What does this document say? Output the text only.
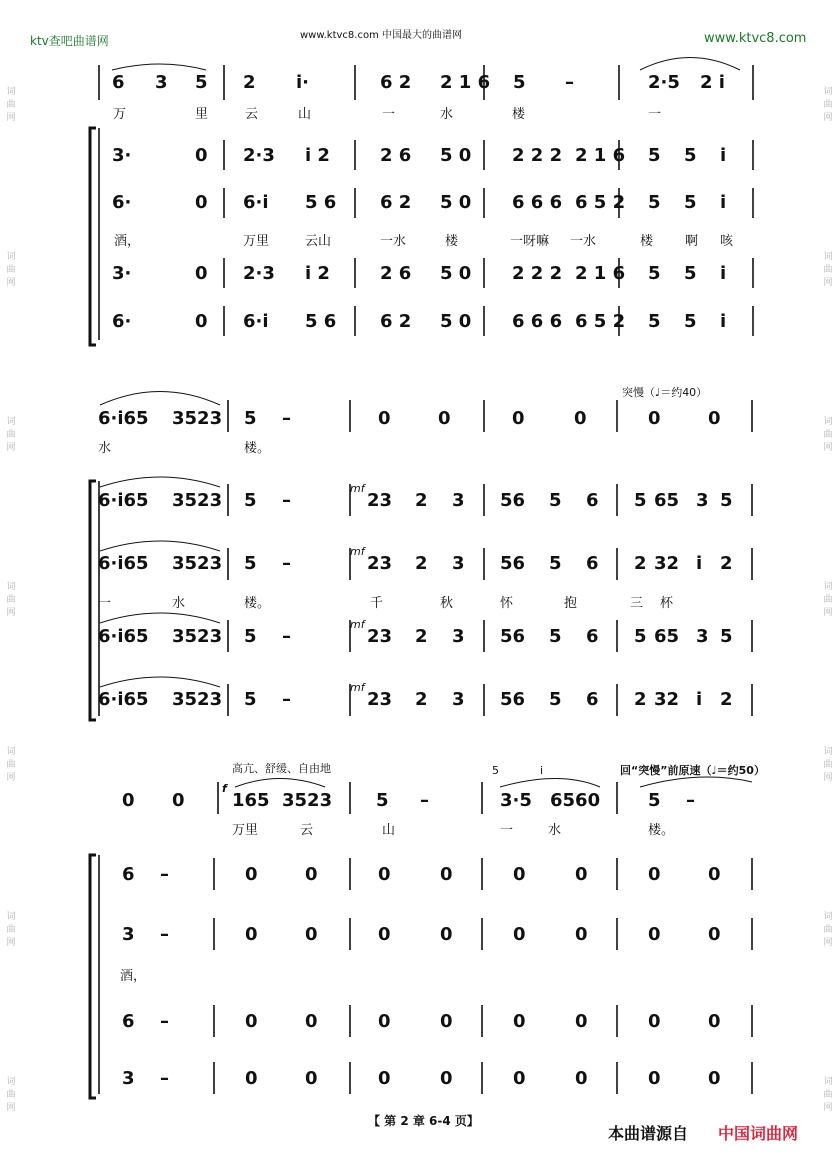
ktv查吧曲谱网	www.ktvc8.com 中国最大的曲谱网	www.ktvc8.com

词
曲
网

词
曲
网

词
曲
网

词
曲
网

词
曲
网

词
曲
网

词
曲
网

词
曲
网

词
曲
网

词
曲
网

词
曲
网

词
曲
网

词
曲
网

词
曲
网

6 3 5 2 i·	6 2 2 1 6 5 –	2·5 2 i
万	里	云	山	一	水	楼	一
3·	0 2·3 i 2	2 6 5 0 2 2 2 2 1 6 5 5 i
6·	0 6·i 5 6 6 2 5 0 6 6 6 6 5 2 5 5 i
酒，	万里	云山	一水	楼	一呀嘛 一水	楼 啊 咳
3·	0 2·3 i 2	2 6 5 0 2 2 2 2 1 6 5 5 i
6·	0 6·i 5 6 6 2 5 0 6 6 6 6 5 2 5 5 i
突慢（♩＝约40）
6·i65 3523 5 –	0	0	0	0	0	0
水	楼。
6·i65 3523 5 –
mf
23 2 3 56 5 6 5 65 3 5
6·i65 3523 5 –
mf
23 2 3 56 5 6 2 32 i 2
一	水	楼。	千	秋	怀	抱	三 杯
6·i65 3523 5 –
mf
23 2 3 56 5 6 5 65 3 5
6·i65 3523 5 –
mf
23 2 3 56 5 6 2 32 i 2
高亢、舒缓、自由地	回“突慢”前原速（♩＝约50）
0 0
f
165 3523 5 –
5
3·5
i
6560	5 –
万里	云	山	一	水	楼。
6 –	0	0	0	0	0	0	0	0
3 –	0	0	0	0	0	0	0	0
酒，
6 –	0	0	0	0	0	0	0	0
3 –	0	0	0	0	0	0	0	0
【 第 2 章 6-4 页】
本曲谱源自 中国词曲网
